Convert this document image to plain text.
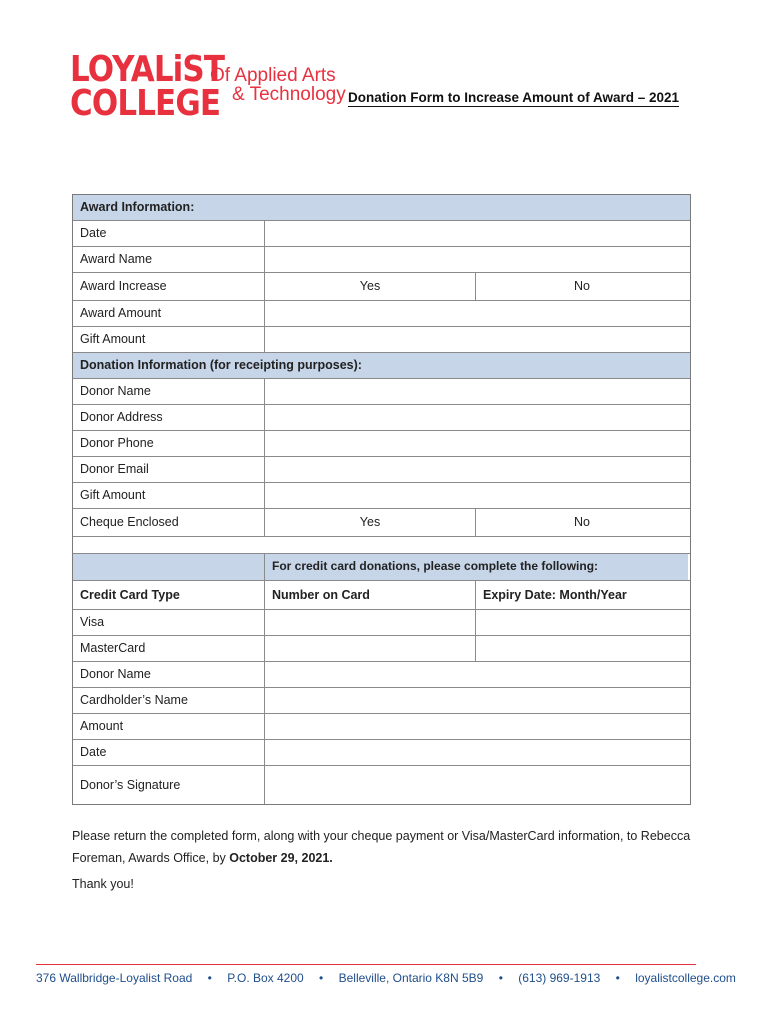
LOYALiST
COLLEGE
Of Applied Arts
& Technology Donation Form to Increase Amount of Award – 2021
Award Information:
Date
Award Name
Award Increase	Yes	No
Award Amount
Gift Amount
Donation Information (for receipting purposes):
Donor Name
Donor Address
Donor Phone
Donor Email
Gift Amount
Cheque Enclosed	Yes	No
For credit card donations, please complete the following:
Credit Card Type	Number on Card	Expiry Date: Month/Year
Visa
MasterCard
Donor Name
Cardholder’s Name
Amount
Date
Donor’s Signature
Please return the completed form, along with your cheque payment or Visa/MasterCard information, to Rebecca Foreman, Awards Office, by October 29, 2021.
Thank you!
376 Wallbridge-Loyalist Road • P.O. Box 4200 • Belleville, Ontario K8N 5B9 • (613) 969-1913 • loyalistcollege.com
